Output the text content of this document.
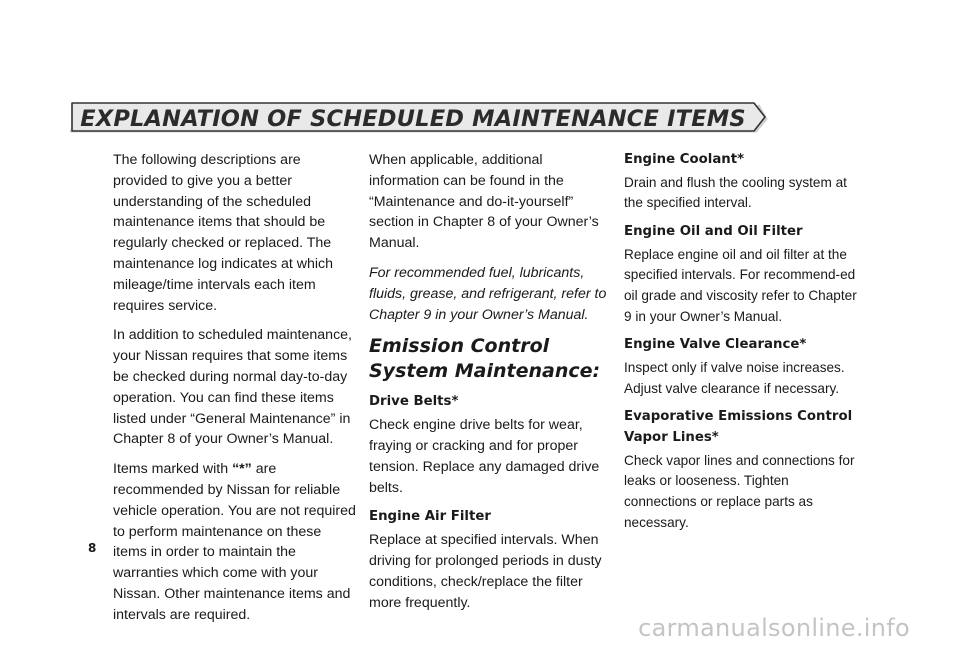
EXPLANATION OF SCHEDULED MAINTENANCE ITEMS

The following descriptions are provided to give you a better understanding of the scheduled maintenance items that should be regularly checked or replaced. The maintenance log indicates at which mileage/time intervals each item requires service.

In addition to scheduled maintenance, your Nissan requires that some items be checked during normal day-to-day operation. You can find these items listed under “General Maintenance” in Chapter 8 of your Owner’s Manual.

Items marked with “*” are recommended by Nissan for reliable vehicle operation. You are not required to perform maintenance on these items in order to maintain the warranties which come with your Nissan. Other maintenance items and intervals are required.

When applicable, additional information can be found in the “Maintenance and do-it-yourself” section in Chapter 8 of your Owner’s Manual.

For recommended fuel, lubricants, fluids, grease, and refrigerant, refer to Chapter 9 in your Owner’s Manual.

Emission Control System Maintenance:
Drive Belts*

Check engine drive belts for wear, fraying or cracking and for proper tension. Replace any damaged drive belts.

Engine Air Filter

Replace at specified intervals. When driving for prolonged periods in dusty conditions, check/replace the filter more frequently.

Engine Coolant*

Drain and flush the cooling system at the specified interval.

Engine Oil and Oil Filter

Replace engine oil and oil filter at the specified intervals. For recommend-ed oil grade and viscosity refer to Chapter 9 in your Owner’s Manual.

Engine Valve Clearance*

Inspect only if valve noise increases. Adjust valve clearance if necessary.

Evaporative Emissions Control Vapor Lines*

Check vapor lines and connections for leaks or looseness. Tighten connections or replace parts as necessary.

8
carmanualsonline.info
